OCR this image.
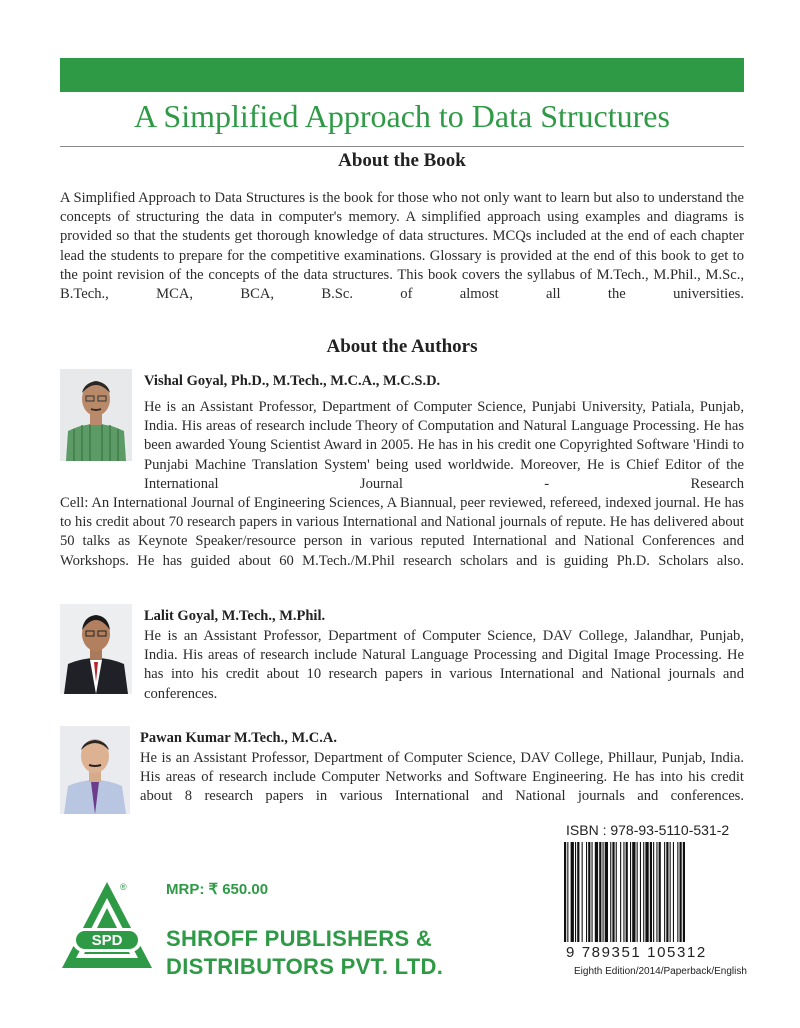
A Simplified Approach to Data Structures
About the Book

A Simplified Approach to Data Structures is the book for those who not only want to learn but also to understand the concepts of structuring the data in computer's memory. A simplified approach using examples and diagrams is provided so that the students get thorough knowledge of data structures. MCQs included at the end of each chapter lead the students to prepare for the competitive examinations. Glossary is provided at the end of this book to get to the point revision of the concepts of the data structures. This book covers the syllabus of M.Tech., M.Phil., M.Sc., B.Tech., MCA, BCA, B.Sc. of almost all the universities.

About the Authors
Vishal Goyal, Ph.D., M.Tech., M.C.A., M.C.S.D.

He is an Assistant Professor, Department of Computer Science, Punjabi University, Patiala, Punjab, India. His areas of research include Theory of Computation and Natural Language Processing. He has been awarded Young Scientist Award in 2005. He has in his credit one Copyrighted Software 'Hindi to Punjabi Machine Translation System' being used worldwide. Moreover, He is Chief Editor of the International Journal - Research

Cell: An International Journal of Engineering Sciences, A Biannual, peer reviewed, refereed, indexed journal. He has to his credit about 70 research papers in various International and National journals of repute. He has delivered about 50 talks as Keynote Speaker/resource person in various reputed International and National Conferences and Workshops. He has guided about 60 M.Tech./M.Phil research scholars and is guiding Ph.D. Scholars also.

Lalit Goyal, M.Tech., M.Phil.

He is an Assistant Professor, Department of Computer Science, DAV College, Jalandhar, Punjab, India. His areas of research include Natural Language Processing and Digital Image Processing. He has into his credit about 10 research papers in various International and National journals and conferences.

Pawan Kumar M.Tech., M.C.A.

He is an Assistant Professor, Department of Computer Science, DAV College, Phillaur, Punjab, India. His areas of research include Computer Networks and Software Engineering. He has into his credit about 8 research papers in various International and National journals and conferences.

ISBN : 978-93-5110-531-2
9 789351 105312
Eighth Edition/2014/Paperback/English
SPD
®	MRP: ₹ 650.00
SHROFF PUBLISHERS &
DISTRIBUTORS PVT. LTD.
